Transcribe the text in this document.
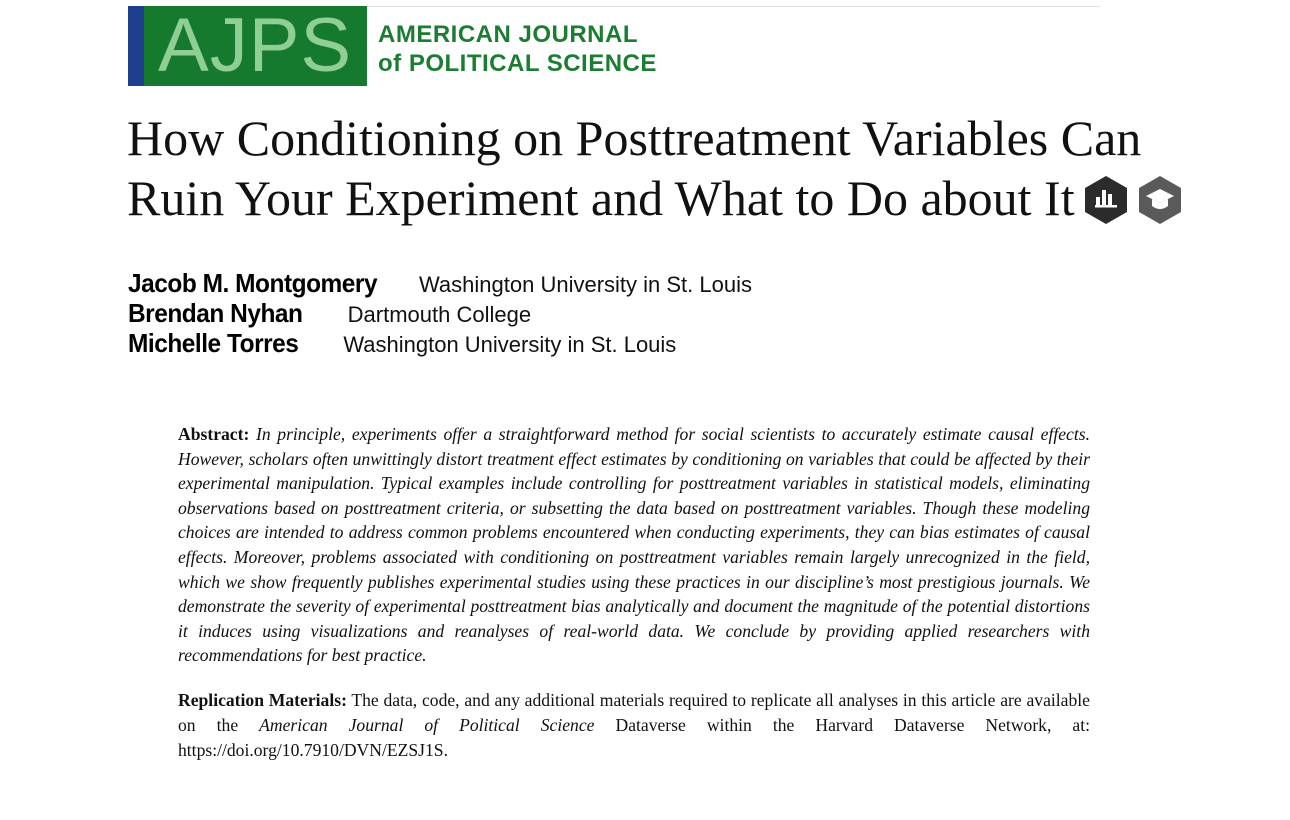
AJPS AMERICAN JOURNAL
of POLITICAL SCIENCE
How Conditioning on Posttreatment Variables Can
Ruin Your Experiment and What to Do about It
Jacob M. Montgomery Washington University in St. Louis
Brendan Nyhan Dartmouth College
Michelle Torres Washington University in St. Louis
Abstract: In principle, experiments offer a straightforward method for social scientists to accurately estimate causal effects. However, scholars often unwittingly distort treatment effect estimates by conditioning on variables that could be affected by their experimental manipulation. Typical examples include controlling for posttreatment variables in statistical models, eliminating observations based on posttreatment criteria, or subsetting the data based on posttreatment variables. Though these modeling choices are intended to address common problems encountered when conducting experiments, they can bias estimates of causal effects. Moreover, problems associated with conditioning on posttreatment variables remain largely unrecognized in the field, which we show frequently publishes experimental studies using these practices in our discipline’s most prestigious journals. We demonstrate the severity of experimental posttreatment bias analytically and document the magnitude of the potential distortions it induces using visualizations and reanalyses of real-world data. We conclude by providing applied researchers with recommendations for best practice.
Replication Materials: The data, code, and any additional materials required to replicate all analyses in this article are available on the American Journal of Political Science Dataverse within the Harvard Dataverse Network, at: https://doi.org/10.7910/DVN/EZSJ1S.
